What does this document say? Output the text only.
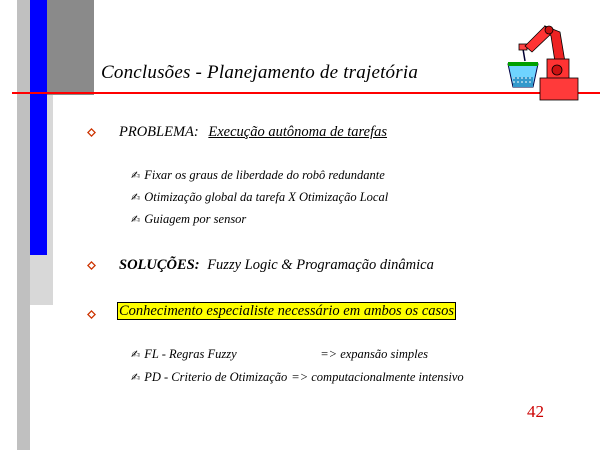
Conclusões - Planejamento de trajetória
PROBLEMA: Execução autônoma de tarefas
✍ Fixar os graus de liberdade do robô redundante
✍ Otimização global da tarefa X Otimização Local
✍ Guiagem por sensor
SOLUÇÕES: Fuzzy Logic & Programação dinâmica
Conhecimento especialiste necessário em ambos os casos
✍ FL - Regras Fuzzy	=> expansão simples
✍ PD - Criterio de Otimização => computacionalmente intensivo
42
